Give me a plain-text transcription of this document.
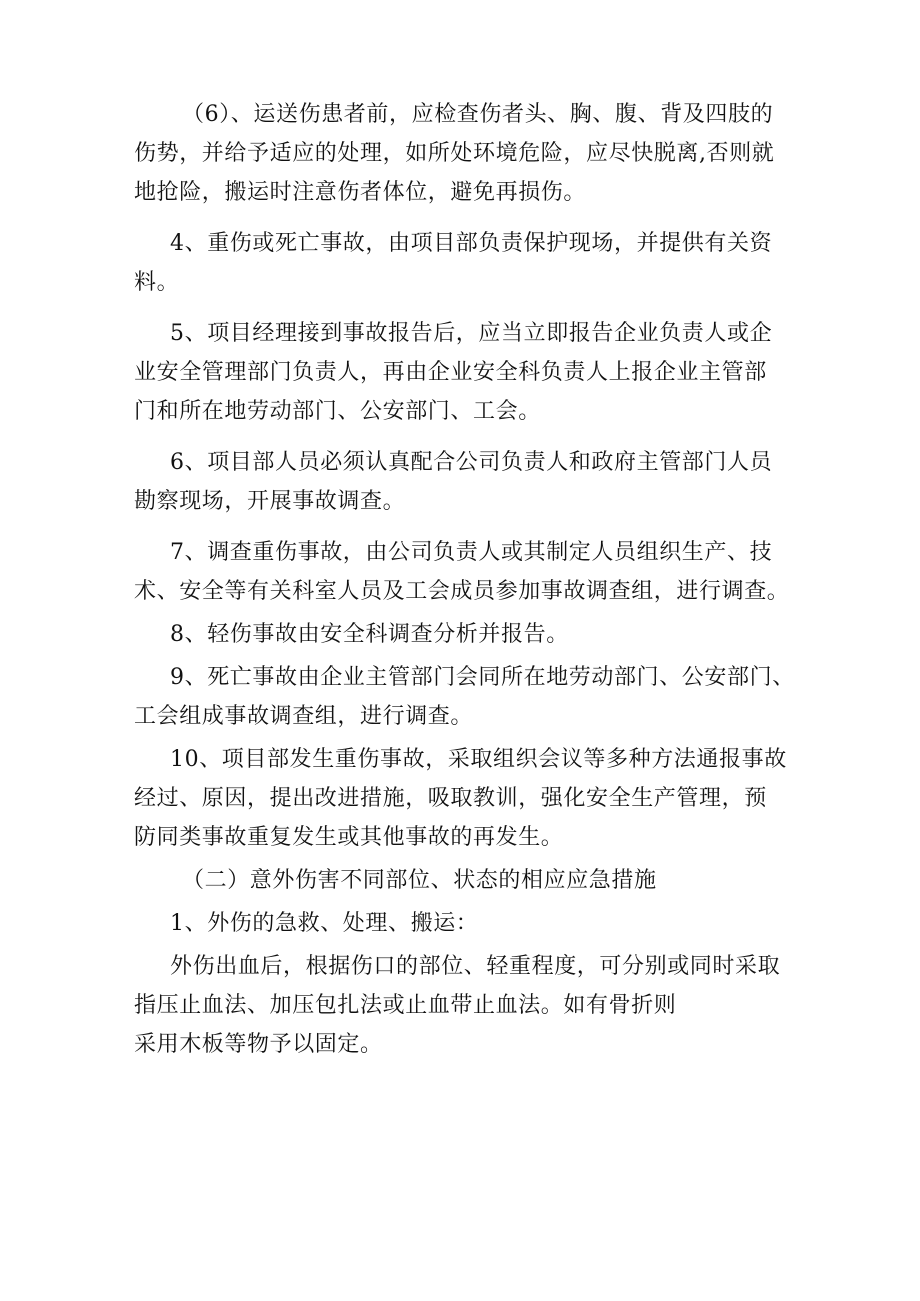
（6）、运送伤患者前，应检查伤者头、胸、腹、背及四肢的
伤势，并给予适应的处理，如所处环境危险，应尽快脱离,否则就
地抢险，搬运时注意伤者体位，避免再损伤。
4、重伤或死亡事故，由项目部负责保护现场，并提供有关资
料。
5、项目经理接到事故报告后，应当立即报告企业负责人或企
业安全管理部门负责人，再由企业安全科负责人上报企业主管部
门和所在地劳动部门、公安部门、工会。
6、项目部人员必须认真配合公司负责人和政府主管部门人员
勘察现场，开展事故调查。
7、调查重伤事故，由公司负责人或其制定人员组织生产、技
术、安全等有关科室人员及工会成员参加事故调查组，进行调查。
8、轻伤事故由安全科调查分析并报告。
9、死亡事故由企业主管部门会同所在地劳动部门、公安部门、
工会组成事故调查组，进行调查。
10、项目部发生重伤事故，采取组织会议等多种方法通报事故
经过、原因，提出改进措施，吸取教训，强化安全生产管理，预
防同类事故重复发生或其他事故的再发生。
（二）意外伤害不同部位、状态的相应应急措施
1、外伤的急救、处理、搬运：
外伤出血后，根据伤口的部位、轻重程度，可分别或同时采取
指压止血法、加压包扎法或止血带止血法。如有骨折则
采用木板等物予以固定。
